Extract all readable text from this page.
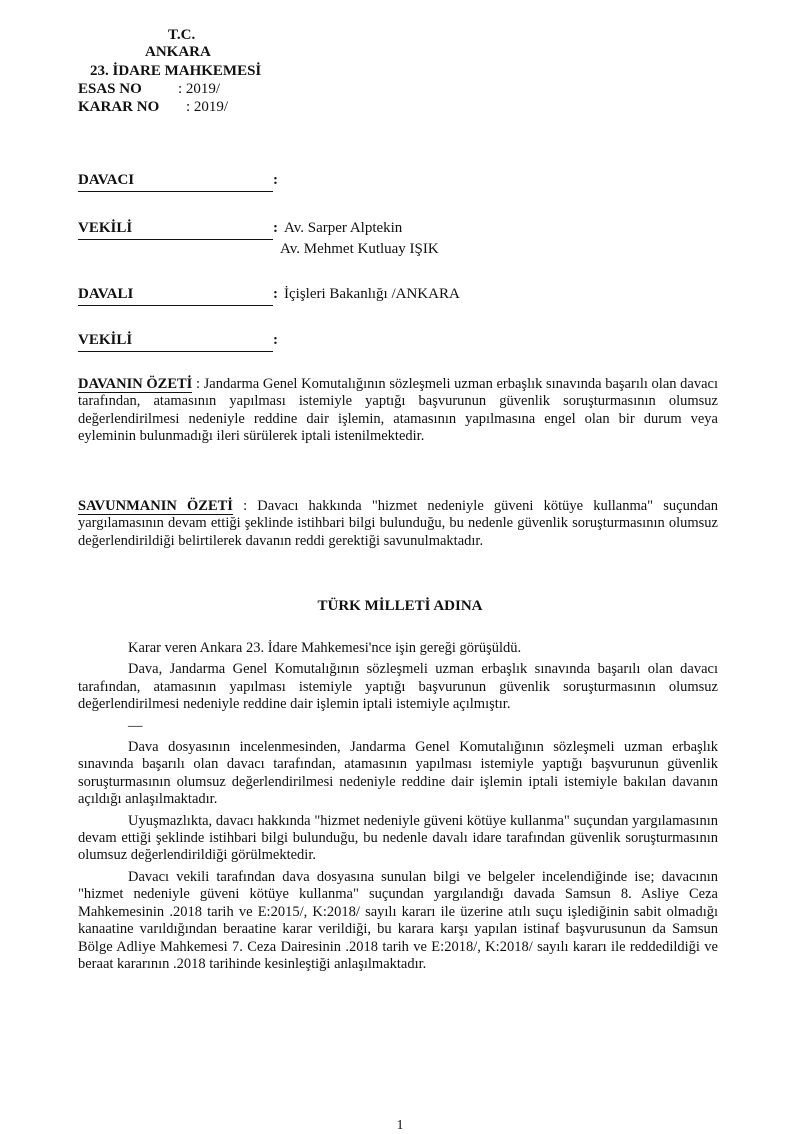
T.C.
ANKARA
23. İDARE MAHKEMESİ
ESAS NO : 2019/
KARAR NO : 2019/
DAVACI	:
VEKİLİ	: Av. Sarper Alptekin
Av. Mehmet Kutluay IŞIK
DAVALI	: İçişleri Bakanlığı /ANKARA
VEKİLİ	:
DAVANIN ÖZETİ : Jandarma Genel Komutalığının sözleşmeli uzman erbaşlık sınavında başarılı olan davacı tarafından, atamasının yapılması istemiyle yaptığı başvurunun güvenlik soruşturmasının olumsuz değerlendirilmesi nedeniyle reddine dair işlemin, atamasının yapılmasına engel olan bir durum veya eyleminin bulunmadığı ileri sürülerek iptali istenilmektedir.
SAVUNMANIN ÖZETİ : Davacı hakkında "hizmet nedeniyle güveni kötüye kullanma" suçundan yargılamasının devam ettiği şeklinde istihbari bilgi bulunduğu, bu nedenle güvenlik soruşturmasının olumsuz değerlendirildiği belirtilerek davanın reddi gerektiği savunulmaktadır.
TÜRK MİLLETİ ADINA

Karar veren Ankara 23. İdare Mahkemesi'nce işin gereği görüşüldü.

Dava, Jandarma Genel Komutalığının sözleşmeli uzman erbaşlık sınavında başarılı olan davacı tarafından, atamasının yapılması istemiyle yaptığı başvurunun güvenlik soruşturmasının olumsuz değerlendirilmesi nedeniyle reddine dair işlemin iptali istemiyle açılmıştır.

—

Dava dosyasının incelenmesinden, Jandarma Genel Komutalığının sözleşmeli uzman erbaşlık sınavında başarılı olan davacı tarafından, atamasının yapılması istemiyle yaptığı başvurunun güvenlik soruşturmasının olumsuz değerlendirilmesi nedeniyle reddine dair işlemin iptali istemiyle bakılan davanın açıldığı anlaşılmaktadır.

Uyuşmazlıkta, davacı hakkında "hizmet nedeniyle güveni kötüye kullanma" suçundan yargılamasının devam ettiği şeklinde istihbari bilgi bulunduğu, bu nedenle davalı idare tarafından güvenlik soruşturmasının olumsuz değerlendirildiği görülmektedir.

Davacı vekili tarafından dava dosyasına sunulan bilgi ve belgeler incelendiğinde ise; davacının "hizmet nedeniyle güveni kötüye kullanma" suçundan yargılandığı davada Samsun 8. Asliye Ceza Mahkemesinin .2018 tarih ve E:2015/, K:2018/ sayılı kararı ile üzerine atılı suçu işlediğinin sabit olmadığı kanaatine varıldığından beraatine karar verildiği, bu karara karşı yapılan istinaf başvurusunun da Samsun Bölge Adliye Mahkemesi 7. Ceza Dairesinin .2018 tarih ve E:2018/, K:2018/ sayılı kararı ile reddedildiği ve beraat kararının .2018 tarihinde kesinleştiği anlaşılmaktadır.

1
